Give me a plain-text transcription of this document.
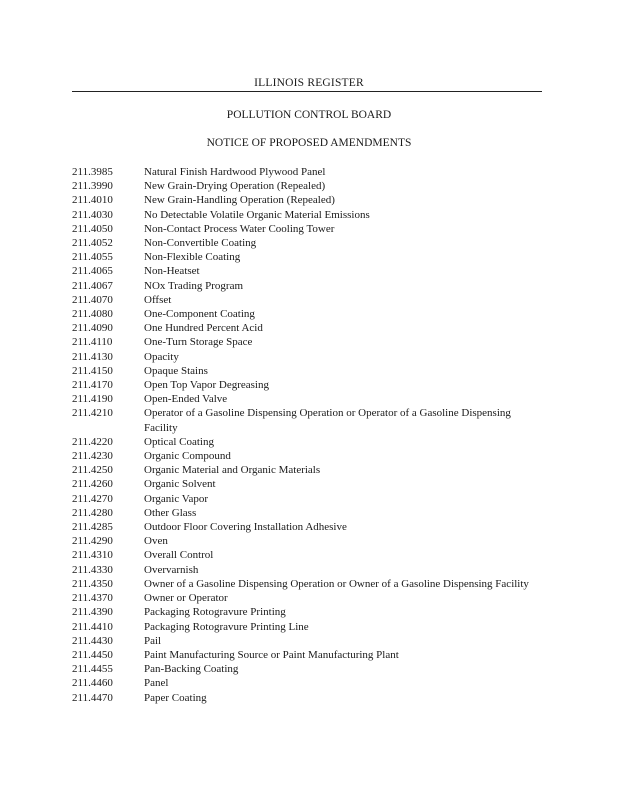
ILLINOIS REGISTER
POLLUTION CONTROL BOARD
NOTICE OF PROPOSED AMENDMENTS
211.3985	Natural Finish Hardwood Plywood Panel
211.3990	New Grain-Drying Operation (Repealed)
211.4010	New Grain-Handling Operation (Repealed)
211.4030	No Detectable Volatile Organic Material Emissions
211.4050	Non-Contact Process Water Cooling Tower
211.4052	Non-Convertible Coating
211.4055	Non-Flexible Coating
211.4065	Non-Heatset
211.4067	NOx Trading Program
211.4070	Offset
211.4080	One-Component Coating
211.4090	One Hundred Percent Acid
211.4110	One-Turn Storage Space
211.4130	Opacity
211.4150	Opaque Stains
211.4170	Open Top Vapor Degreasing
211.4190	Open-Ended Valve
211.4210	Operator of a Gasoline Dispensing Operation or Operator of a Gasoline Dispensing Facility
211.4220	Optical Coating
211.4230	Organic Compound
211.4250	Organic Material and Organic Materials
211.4260	Organic Solvent
211.4270	Organic Vapor
211.4280	Other Glass
211.4285	Outdoor Floor Covering Installation Adhesive
211.4290	Oven
211.4310	Overall Control
211.4330	Overvarnish
211.4350	Owner of a Gasoline Dispensing Operation or Owner of a Gasoline Dispensing Facility
211.4370	Owner or Operator
211.4390	Packaging Rotogravure Printing
211.4410	Packaging Rotogravure Printing Line
211.4430	Pail
211.4450	Paint Manufacturing Source or Paint Manufacturing Plant
211.4455	Pan-Backing Coating
211.4460	Panel
211.4470	Paper Coating
